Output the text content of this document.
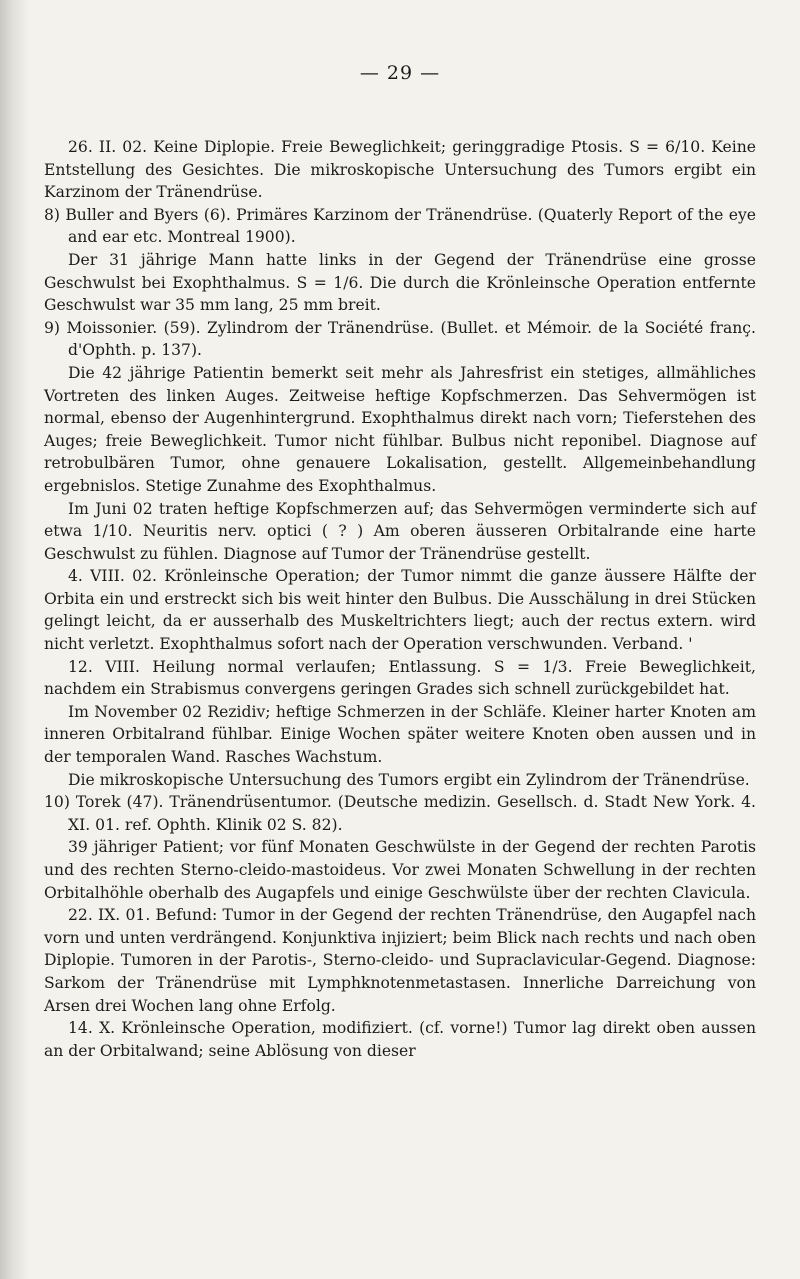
— 29 —

26. II. 02. Keine Diplopie. Freie Beweglichkeit; geringgradige Ptosis. S = 6/10. Keine Entstellung des Gesichtes. Die mikroskopische Untersuchung des Tumors ergibt ein Karzinom der Tränendrüse.

8) Buller and Byers (6). Primäres Karzinom der Tränendrüse. (Quaterly Report of the eye and ear etc. Montreal 1900).

Der 31 jährige Mann hatte links in der Gegend der Tränendrüse eine grosse Geschwulst bei Exophthalmus. S = 1/6. Die durch die Krönleinsche Operation entfernte Geschwulst war 35 mm lang, 25 mm breit.

9) Moissonier. (59). Zylindrom der Tränendrüse. (Bullet. et Mémoir. de la Société franç. d'Ophth. p. 137).

Die 42 jährige Patientin bemerkt seit mehr als Jahresfrist ein stetiges, allmähliches Vortreten des linken Auges. Zeitweise heftige Kopfschmerzen. Das Sehvermögen ist normal, ebenso der Augenhintergrund. Exophthalmus direkt nach vorn; Tieferstehen des Auges; freie Beweglichkeit. Tumor nicht fühlbar. Bulbus nicht reponibel. Diagnose auf retrobulbären Tumor, ohne genauere Lokalisation, gestellt. Allgemeinbehandlung ergebnislos. Stetige Zunahme des Exophthalmus.

Im Juni 02 traten heftige Kopfschmerzen auf; das Sehvermögen verminderte sich auf etwa 1/10. Neuritis nerv. optici ( ? ) Am oberen äusseren Orbitalrande eine harte Geschwulst zu fühlen. Diagnose auf Tumor der Tränendrüse gestellt.

4. VIII. 02. Krönleinsche Operation; der Tumor nimmt die ganze äussere Hälfte der Orbita ein und erstreckt sich bis weit hinter den Bulbus. Die Ausschälung in drei Stücken gelingt leicht, da er ausserhalb des Muskeltrichters liegt; auch der rectus extern. wird nicht verletzt. Exophthalmus sofort nach der Operation verschwunden. Verband. '

12. VIII. Heilung normal verlaufen; Entlassung. S = 1/3. Freie Beweglichkeit, nachdem ein Strabismus convergens geringen Grades sich schnell zurückgebildet hat.

Im November 02 Rezidiv; heftige Schmerzen in der Schläfe. Kleiner harter Knoten am inneren Orbitalrand fühlbar. Einige Wochen später weitere Knoten oben aussen und in der temporalen Wand. Rasches Wachstum.

Die mikroskopische Untersuchung des Tumors ergibt ein Zylindrom der Tränendrüse.

10) Torek (47). Tränendrüsentumor. (Deutsche medizin. Gesellsch. d. Stadt New York. 4. XI. 01. ref. Ophth. Klinik 02 S. 82).

39 jähriger Patient; vor fünf Monaten Geschwülste in der Gegend der rechten Parotis und des rechten Sterno-cleido-mastoideus. Vor zwei Monaten Schwellung in der rechten Orbitalhöhle oberhalb des Augapfels und einige Geschwülste über der rechten Clavicula.

22. IX. 01. Befund: Tumor in der Gegend der rechten Tränendrüse, den Augapfel nach vorn und unten verdrängend. Konjunktiva injiziert; beim Blick nach rechts und nach oben Diplopie. Tumoren in der Parotis-, Sterno-cleido- und Supraclavicular-Gegend. Diagnose: Sarkom der Tränendrüse mit Lymphknotenmetastasen. Innerliche Darreichung von Arsen drei Wochen lang ohne Erfolg.

14. X. Krönleinsche Operation, modifiziert. (cf. vorne!) Tumor lag direkt oben aussen an der Orbitalwand; seine Ablösung von dieser
